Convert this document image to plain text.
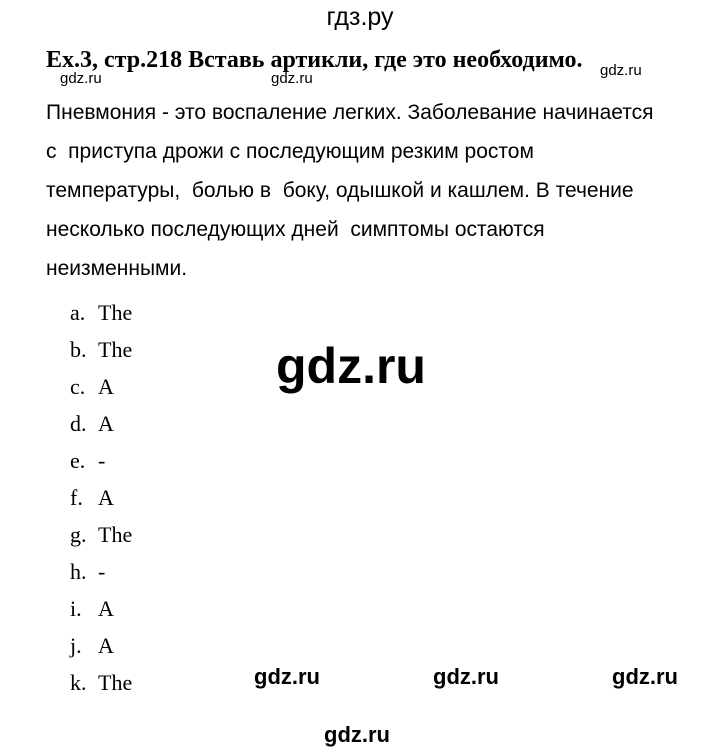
гдз.ру
Ex.3, стр.218 Вставь артикли, где это необходимо.
gdz.ru	gdz.ru	gdz.ru
Пневмония - это воспаление легких. Заболевание начинается
с  приступа дрожи с последующим резким ростом
температуры,  болью в  боку, одышкой и кашлем. В течение
несколько последующих дней  симптомы остаются
неизменными.
a. The
b. The
c. A
d. A
e. -
f. A
g. The
h. -
i. A
j. A
k. The
gdz.ru
gdz.ru	gdz.ru	gdz.ru
gdz.ru
